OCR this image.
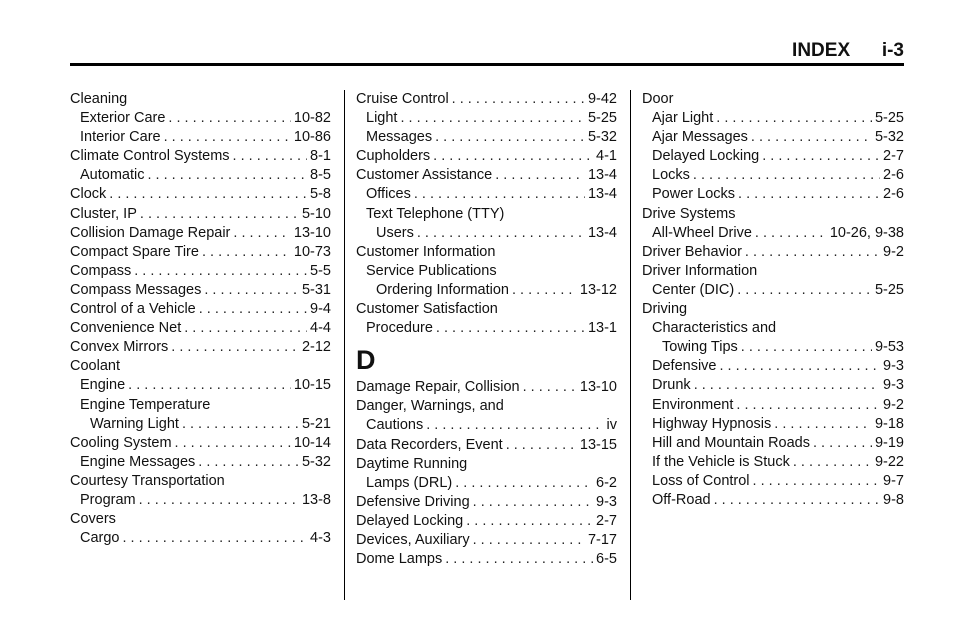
INDEX i-3
Cleaning
Exterior Care . . .	10-82
Interior Care . . .	10-86
Climate Control Systems . . .	8-1
Automatic . . .	8-5
Clock . . .	5-8
Cluster, IP . . .	5-10
Collision Damage Repair . . .	13-10
Compact Spare Tire . . .	10-73
Compass . . .	5-5
Compass Messages . . .	5-31
Control of a Vehicle . . .	9-4
Convenience Net . . .	4-4
Convex Mirrors . . .	2-12
Coolant
Engine . . .	10-15
Engine Temperature
Warning Light . . .	5-21
Cooling System . . .	10-14
Engine Messages . . .	5-32
Courtesy Transportation
Program . . .	13-8
Covers
Cargo . . .	4-3
Cruise Control . . .	9-42
Light . . .	5-25
Messages . . .	5-32
Cupholders . . .	4-1
Customer Assistance . . .	13-4
Offices . . .	13-4
Text Telephone (TTY)
Users . . .	13-4
Customer Information
Service Publications
Ordering Information . . .	13-12
Customer Satisfaction
Procedure . . .	13-1
D
Damage Repair, Collision . . .	13-10
Danger, Warnings, and
Cautions . . .	iv
Data Recorders, Event . . .	13-15
Daytime Running
Lamps (DRL) . . .	6-2
Defensive Driving . . .	9-3
Delayed Locking . . .	2-7
Devices, Auxiliary . . .	7-17
Dome Lamps . . .	6-5
Door
Ajar Light . . .	5-25
Ajar Messages . . .	5-32
Delayed Locking . . .	2-7
Locks . . .	2-6
Power Locks . . .	2-6
Drive Systems
All-Wheel Drive . . .	10-26, 9-38
Driver Behavior . . .	9-2
Driver Information
Center (DIC) . . .	5-25
Driving
Characteristics and
Towing Tips . . .	9-53
Defensive . . .	9-3
Drunk . . .	9-3
Environment . . .	9-2
Highway Hypnosis . . .	9-18
Hill and Mountain Roads . . .	9-19
If the Vehicle is Stuck . . .	9-22
Loss of Control . . .	9-7
Off-Road . . .	9-8
